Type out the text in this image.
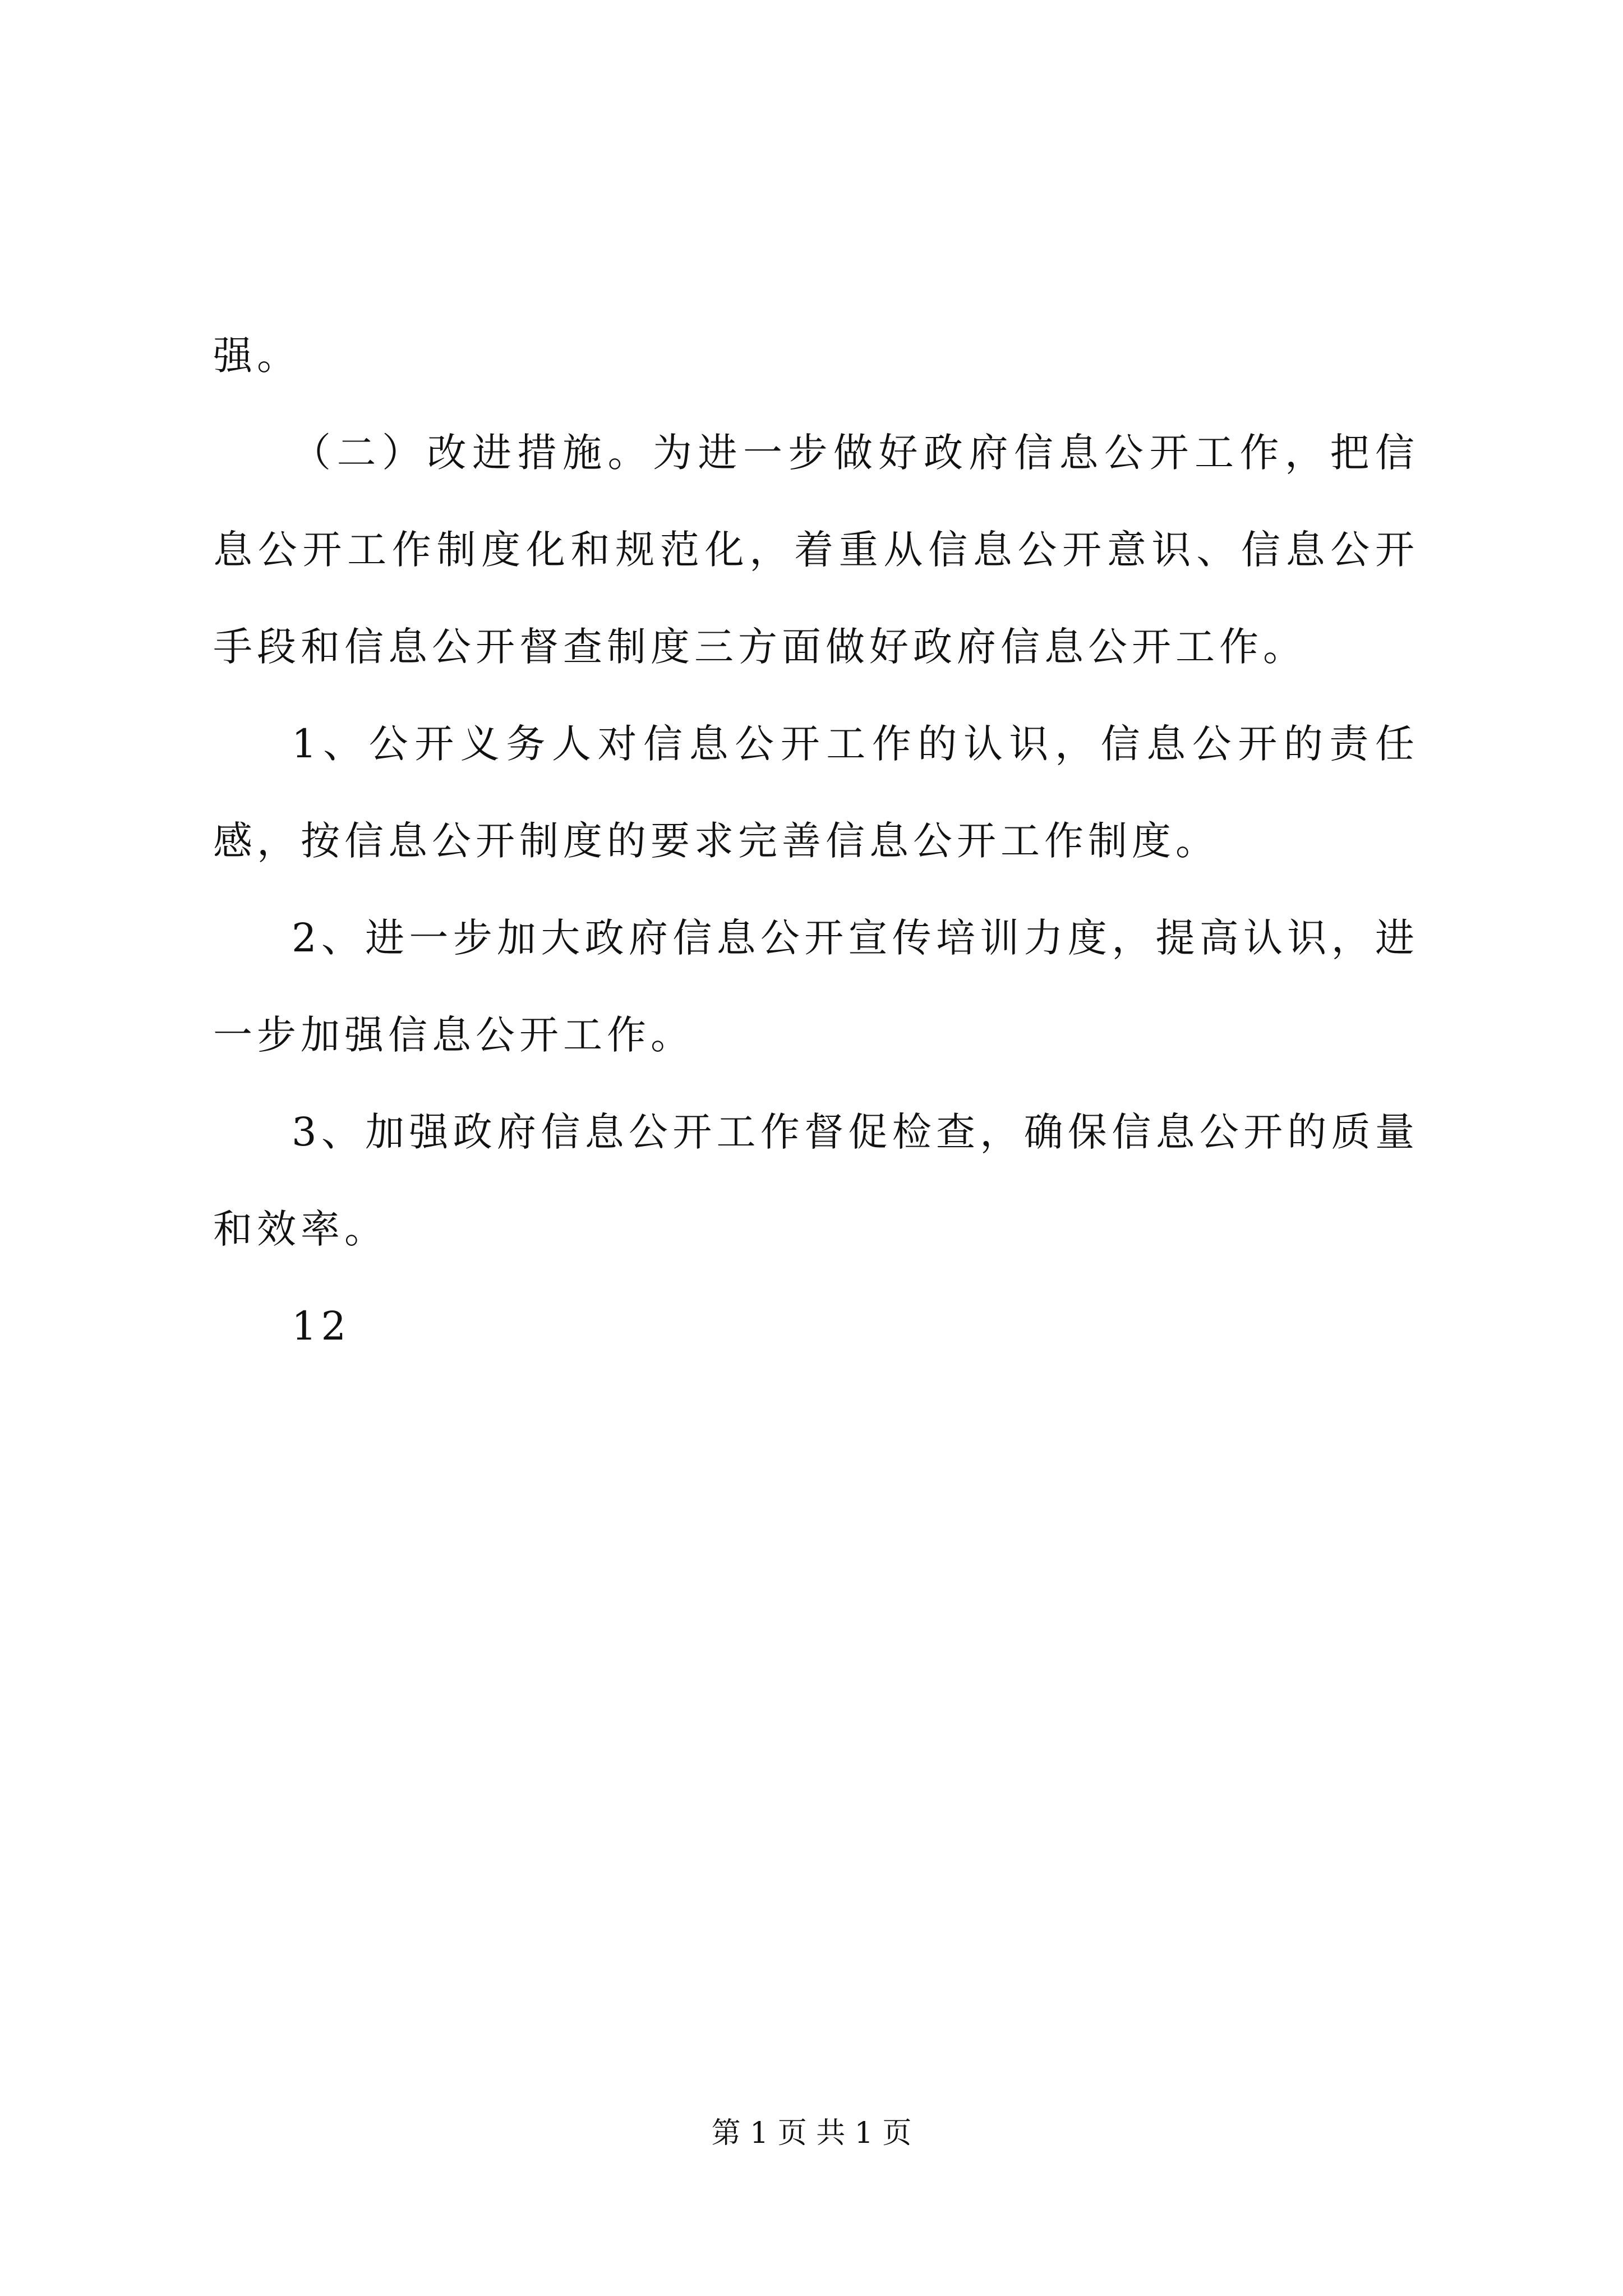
强。

（二）改进措施。为进一步做好政府信息公开工作，把信息公开工作制度化和规范化，着重从信息公开意识、信息公开手段和信息公开督查制度三方面做好政府信息公开工作。

1、公开义务人对信息公开工作的认识，信息公开的责任感，按信息公开制度的要求完善信息公开工作制度。

2、进一步加大政府信息公开宣传培训力度，提高认识，进一步加强信息公开工作。

3、加强政府信息公开工作督促检查，确保信息公开的质量和效率。

12

第 1 页 共 1 页
